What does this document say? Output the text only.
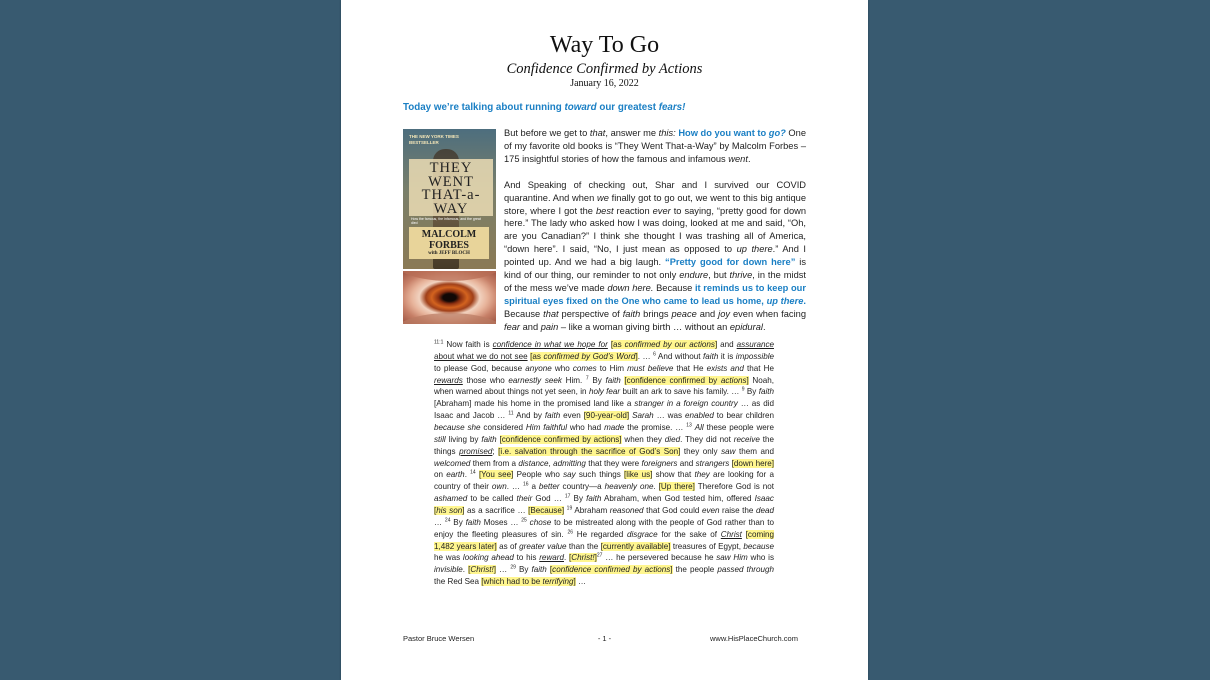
Way To Go
Confidence Confirmed by Actions
January 16, 2022
Today we’re talking about running toward our greatest fears!
THE NEW YORK TIMES BESTSELLER
THEY WENT THAT-a-WAY
How the famous, the infamous, and the great died
MALCOLM
FORBES
with JEFF BLOCH

But before we get to that, answer me this: How do you want to go? One of my favorite old books is “They Went That-a-Way” by Malcolm Forbes – 175 insightful stories of how the famous and infamous went.

And Speaking of checking out, Shar and I survived our COVID quarantine. And when we finally got to go out, we went to this big antique store, where I got the best reaction ever to saying, “pretty good for down here.” The lady who asked how I was doing, looked at me and said, “Oh, are you Canadian?” I think she thought I was trashing all of America, “down here”. I said, “No, I just mean as opposed to up there.” And I pointed up. And we had a big laugh. “Pretty good for down here” is kind of our thing, our reminder to not only endure, but thrive, in the midst of the mess we’ve made down here. Because it reminds us to keep our spiritual eyes fixed on the One who came to lead us home, up there. Because that perspective of faith brings peace and joy even when facing fear and pain – like a woman giving birth … without an epidural.

$^{11:1}$ Now faith is confidence in what we hope for [as confirmed by our actions] and assurance about what we do not see [as confirmed by God’s Word]. … $^6$ And without faith it is impossible to please God, because anyone who comes to Him must believe that He exists and that He rewards those who earnestly seek Him. $^7$ By faith [confidence confirmed by actions] Noah, when warned about things not yet seen, in holy fear built an ark to save his family. … $^9$ By faith [Abraham] made his home in the promised land like a stranger in a foreign country … as did Isaac and Jacob … $^{11}$ And by faith even [90-year-old] Sarah … was enabled to bear children because she considered Him faithful who had made the promise. … $^{13}$ All these people were still living by faith [confidence confirmed by actions] when they died. They did not receive the things promised; [i.e. salvation through the sacrifice of God’s Son] they only saw them and welcomed them from a distance, admitting that they were foreigners and strangers [down here] on earth. $^{14}$ [You see] People who say such things [like us] show that they are looking for a country of their own. … $^{16}$ a better country—a heavenly one. [Up there] Therefore God is not ashamed to be called their God … $^{17}$ By faith Abraham, when God tested him, offered Isaac [his son] as a sacrifice … [Because] $^{19}$ Abraham reasoned that God could even raise the dead … $^{24}$ By faith Moses … $^{25}$ chose to be mistreated along with the people of God rather than to enjoy the fleeting pleasures of sin. $^{26}$ He regarded disgrace for the sake of Christ [coming 1,482 years later] as of greater value than the [currently available] treasures of Egypt, because he was looking ahead to his reward. [Christ!]$^{27}$ … he persevered because he saw Him who is invisible. [Christ!] … $^{29}$ By faith [confidence confirmed by actions] the people passed through the Red Sea [which had to be terrifying] …
Pastor Bruce Wersen	- 1 -	www.HisPlaceChurch.com
